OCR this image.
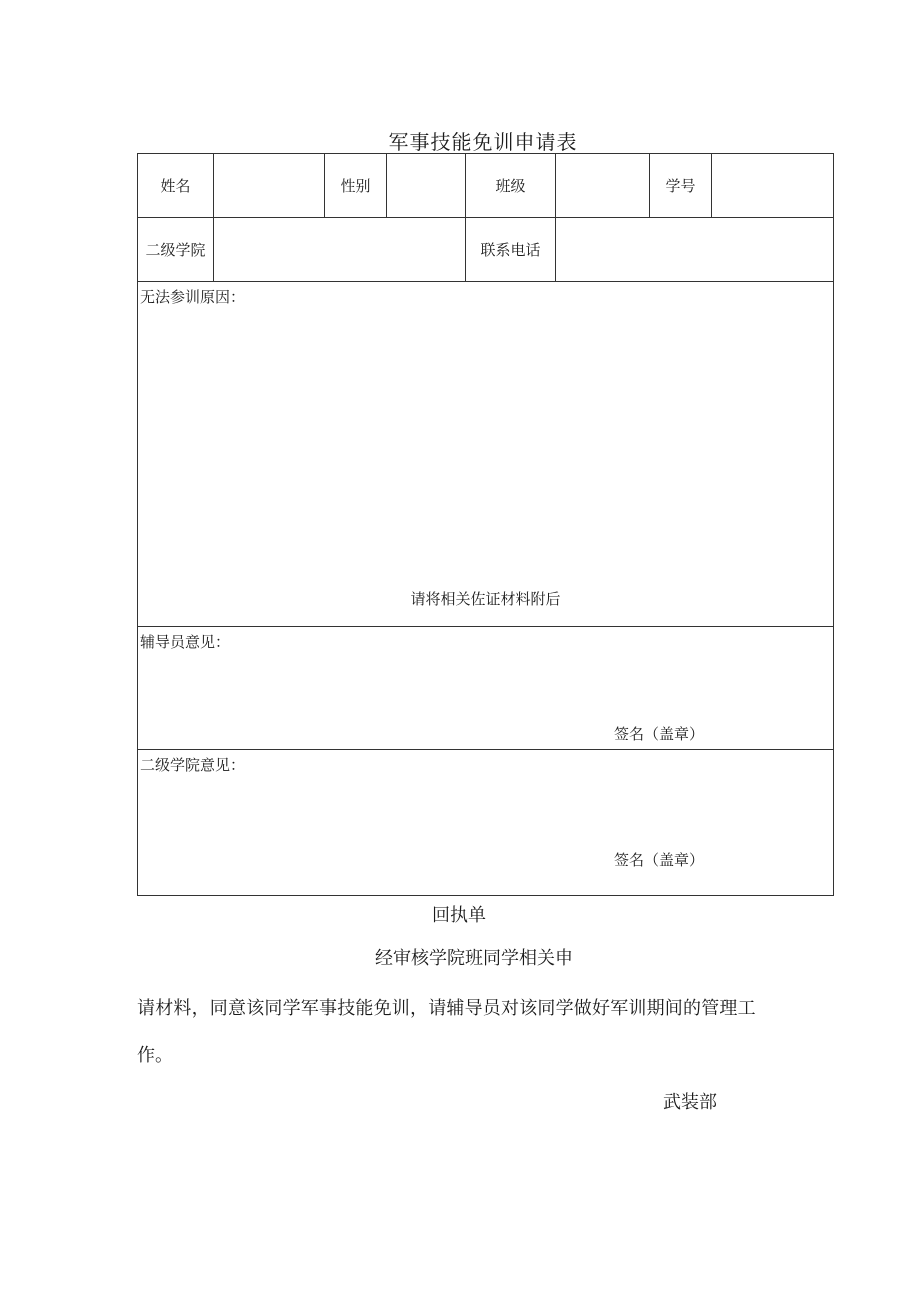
军事技能免训申请表
姓名		性别		班级		学号	
二级学院				联系电话			

无法参训原因：
请将相关佐证材料附后							

辅导员意见：
签名（盖章）							

二级学院意见：
签名（盖章）							
回执单
经审核学院班同学相关申
请材料，同意该同学军事技能免训，请辅导员对该同学做好军训期间的管理工
作。
武装部
